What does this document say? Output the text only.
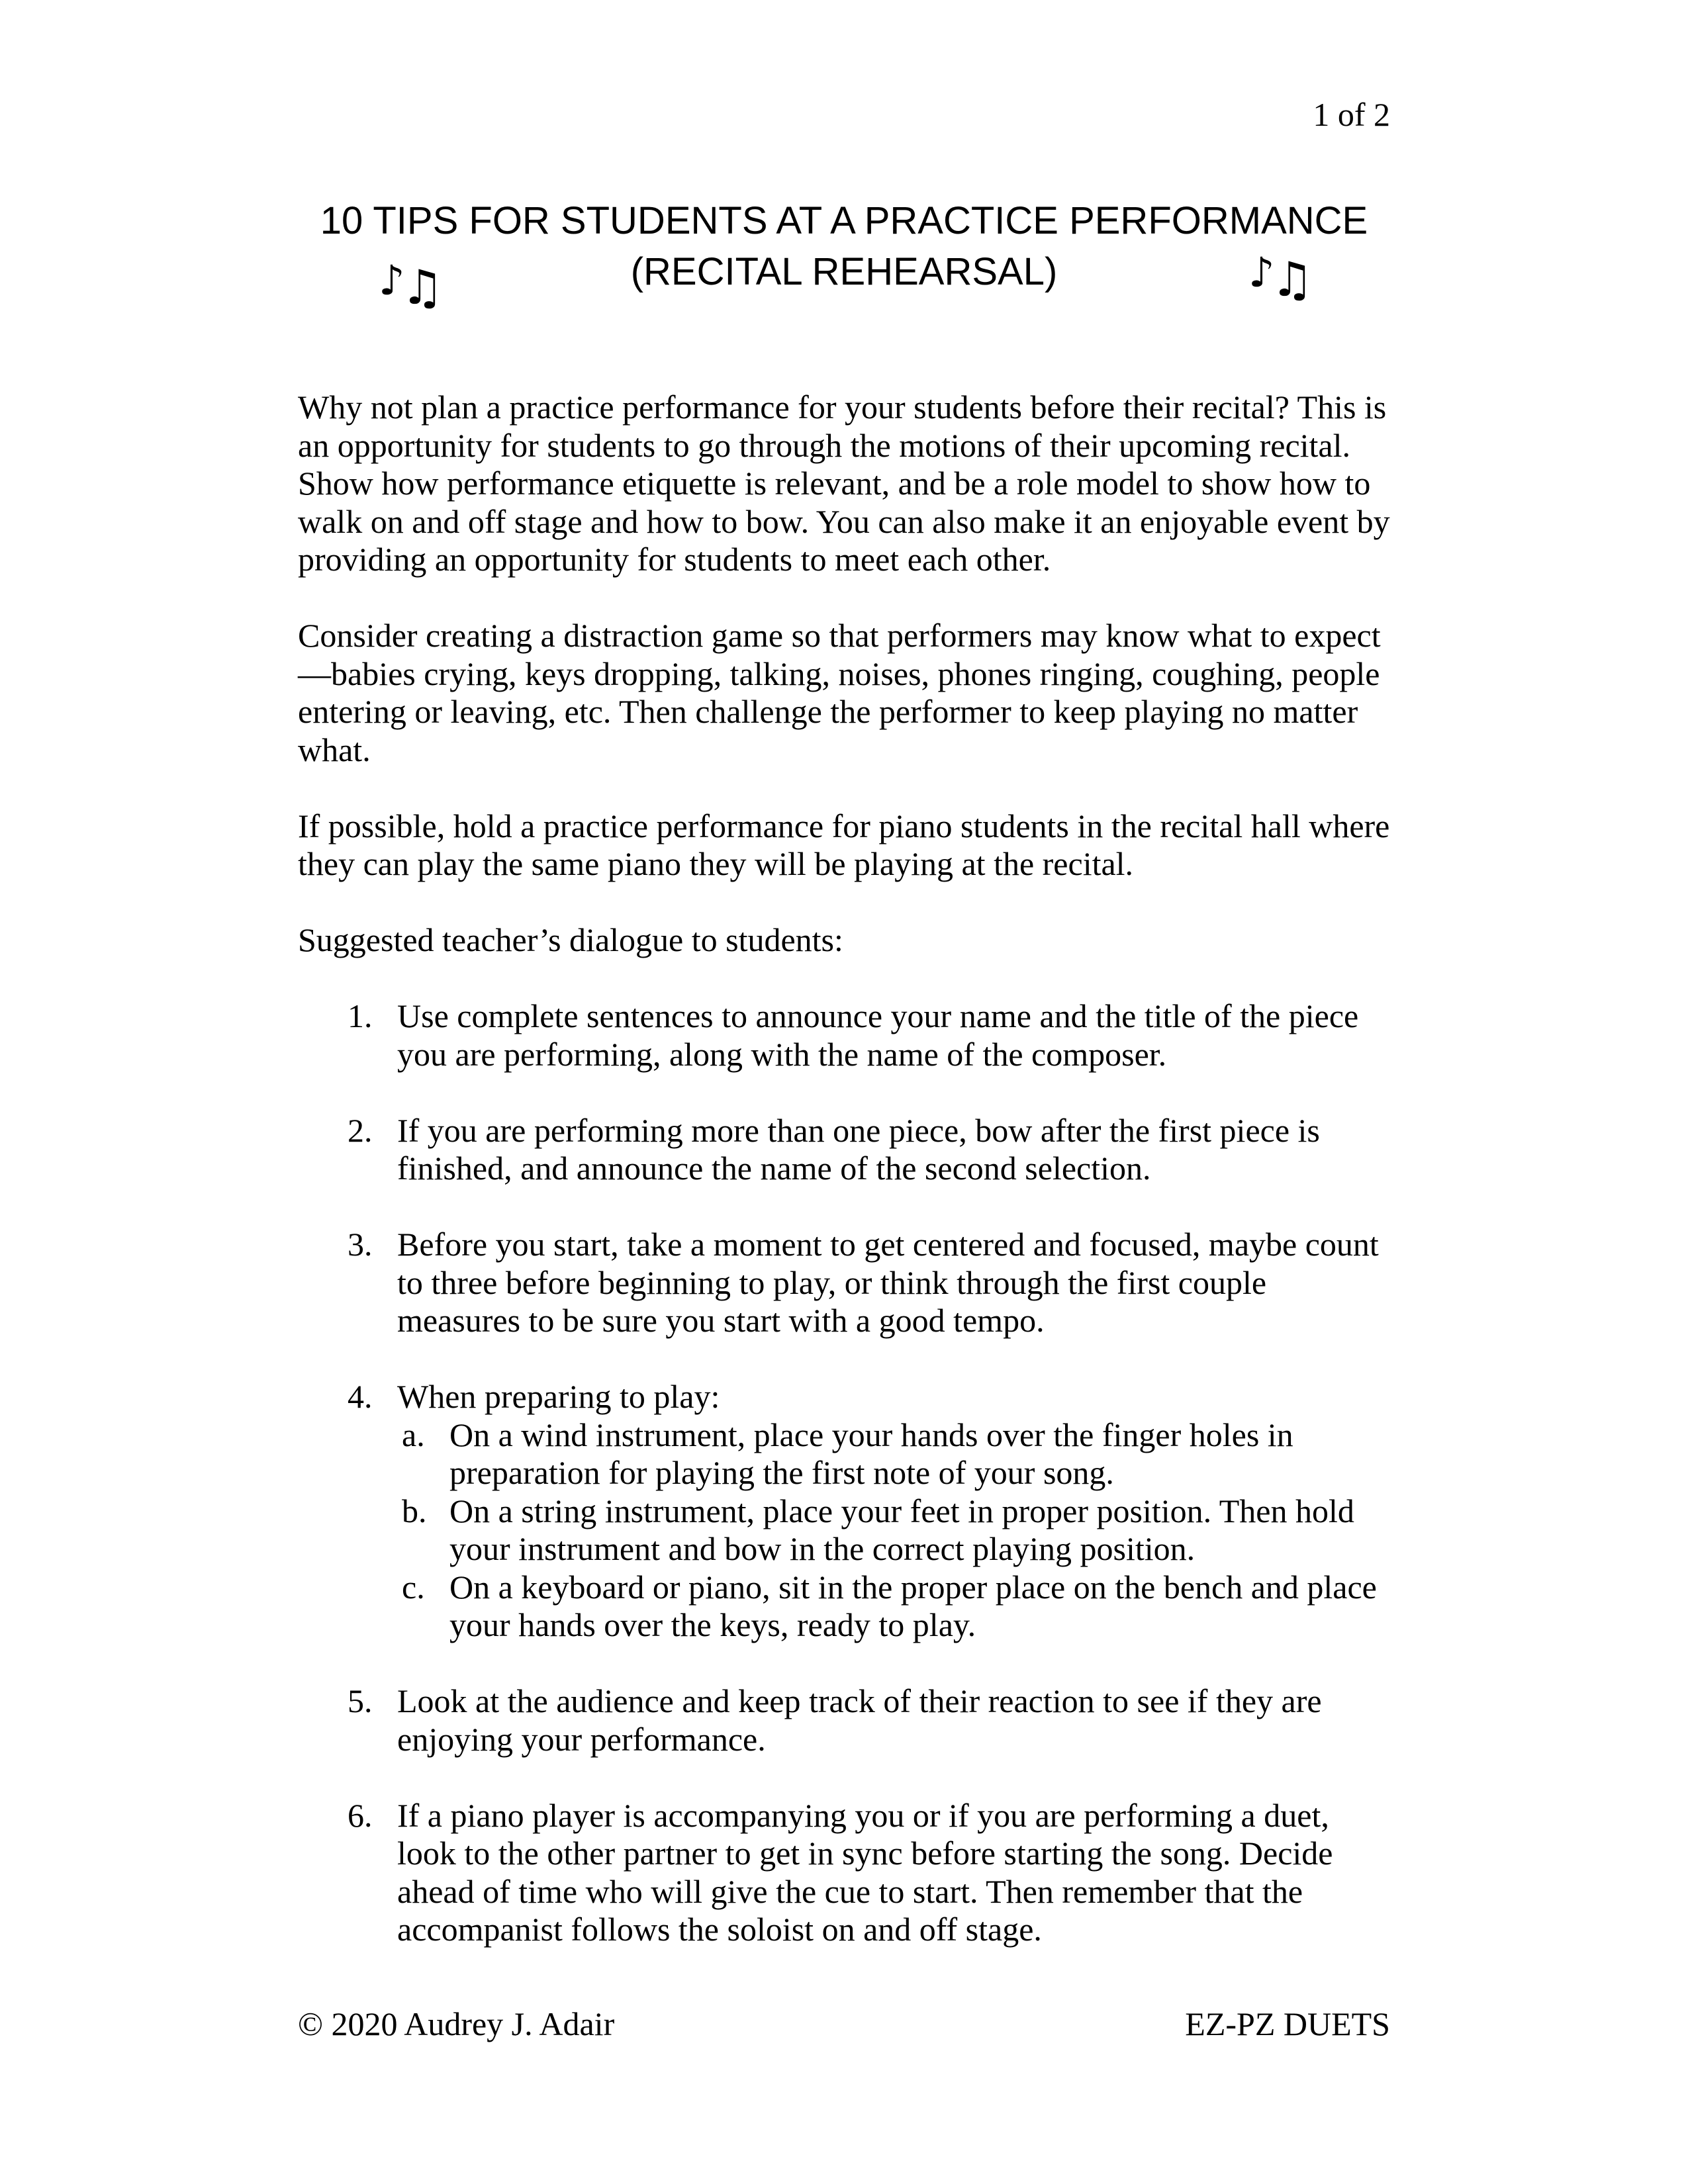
1 of 2
10 TIPS FOR STUDENTS AT A PRACTICE PERFORMANCE
(RECITAL REHEARSAL)
♪♫	♪♫

Why not plan a practice performance for your students before their recital? This is an opportunity for students to go through the motions of their upcoming recital. Show how performance etiquette is relevant, and be a role model to show how to walk on and off stage and how to bow. You can also make it an enjoyable event by providing an opportunity for students to meet each other.

Consider creating a distraction game so that performers may know what to expect—babies crying, keys dropping, talking, noises, phones ringing, coughing, people entering or leaving, etc. Then challenge the performer to keep playing no matter what.

If possible, hold a practice performance for piano students in the recital hall where they can play the same piano they will be playing at the recital.

Suggested teacher’s dialogue to students:

1. Use complete sentences to announce your name and the title of the piece you are performing, along with the name of the composer.
2. If you are performing more than one piece, bow after the first piece is finished, and announce the name of the second selection.
3. Before you start, take a moment to get centered and focused, maybe count to three before beginning to play, or think through the first couple measures to be sure you start with a good tempo.
4. When preparing to play:
a. On a wind instrument, place your hands over the finger holes in preparation for playing the first note of your song.
b. On a string instrument, place your feet in proper position. Then hold your instrument and bow in the correct playing position.
c. On a keyboard or piano, sit in the proper place on the bench and place your hands over the keys, ready to play.
5. Look at the audience and keep track of their reaction to see if they are enjoying your performance.
6. If a piano player is accompanying you or if you are performing a duet, look to the other partner to get in sync before starting the song. Decide ahead of time who will give the cue to start. Then remember that the accompanist follows the soloist on and off stage.
© 2020 Audrey J. Adair	EZ-PZ DUETS
